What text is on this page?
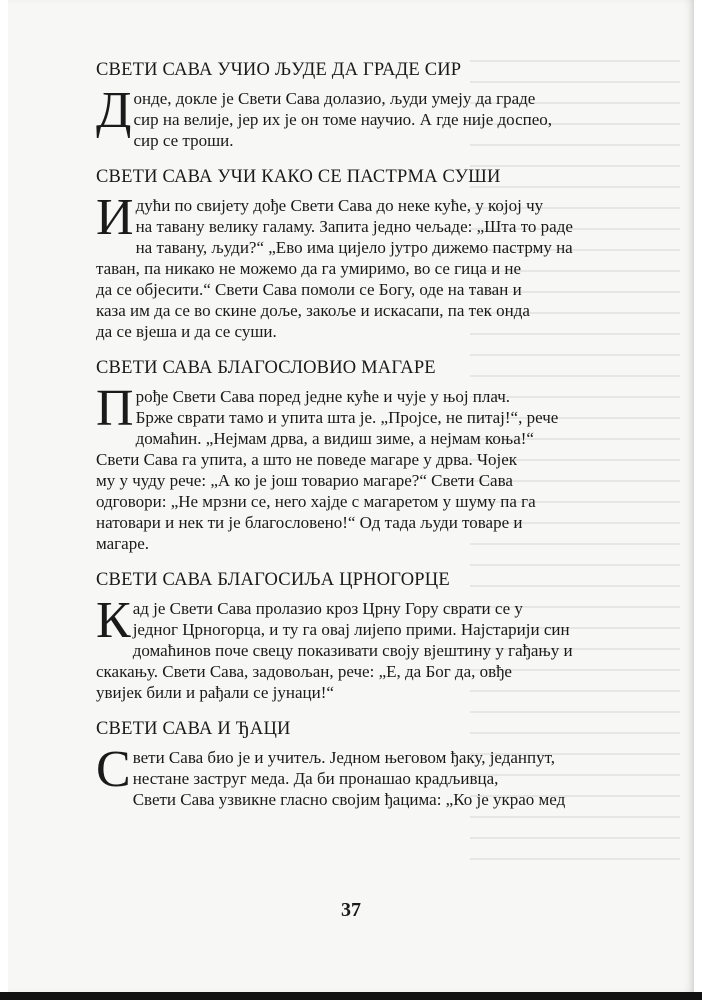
СВЕТИ САВА УЧИО ЉУДЕ ДА ГРАДЕ СИР
Д онде, докле је Свети Сава долазио, људи умеју да граде
сир на велије, јер их је он томе научио. А где није доспео,
сир се троши.
СВЕТИ САВА УЧИ КАКО СЕ ПАСТРМА СУШИ
И дући по свијету дође Свети Сава до неке куће, у којој чу
на тавану велику галаму. Запита једно чељаде: „Шта то раде
на тавану, људи?“ „Ево има цијело јутро дижемо пастрму на
таван, па никако не можемо да га умиримо, во се гица и не
да се објесити.“ Свети Сава помоли се Богу, оде на таван и
каза им да се во скине доље, закоље и искасапи, па тек онда
да се вјеша и да се суши.
СВЕТИ САВА БЛАГОСЛОВИО МАГАРЕ
П рође Свети Сава поред једне куће и чује у њој плач.
Брже сврати тамо и упита шта је. „Пројсе, не питај!“, рече
домаћин. „Нејмам дрва, а видиш зиме, а нејмам коња!“
Свети Сава га упита, а што не поведе магаре у дрва. Чојек
му у чуду рече: „А ко је још товарио магаре?“ Свети Сава
одговори: „Не мрзни се, него хајде с магаретом у шуму па га
натовари и нек ти је благословено!“ Од тада људи товаре и
магаре.
СВЕТИ САВА БЛАГОСИЉА ЦРНОГОРЦЕ
К ад је Свети Сава пролазио кроз Црну Гору сврати се у
једног Црногорца, и ту га овај лијепо прими. Најстарији син
домаћинов поче свецу показивати своју вјештину у гађању и
скакању. Свети Сава, задовољан, рече: „Е, да Бог да, овђе
увијек били и рађали се јунаци!“
СВЕТИ САВА И ЂАЦИ
С вети Сава био је и учитељ. Једном његовом ђаку, једанпут,
нестане заструг меда. Да би пронашао крадљивца,
Свети Сава узвикне гласно својим ђацима: „Ко је украо мед
37
